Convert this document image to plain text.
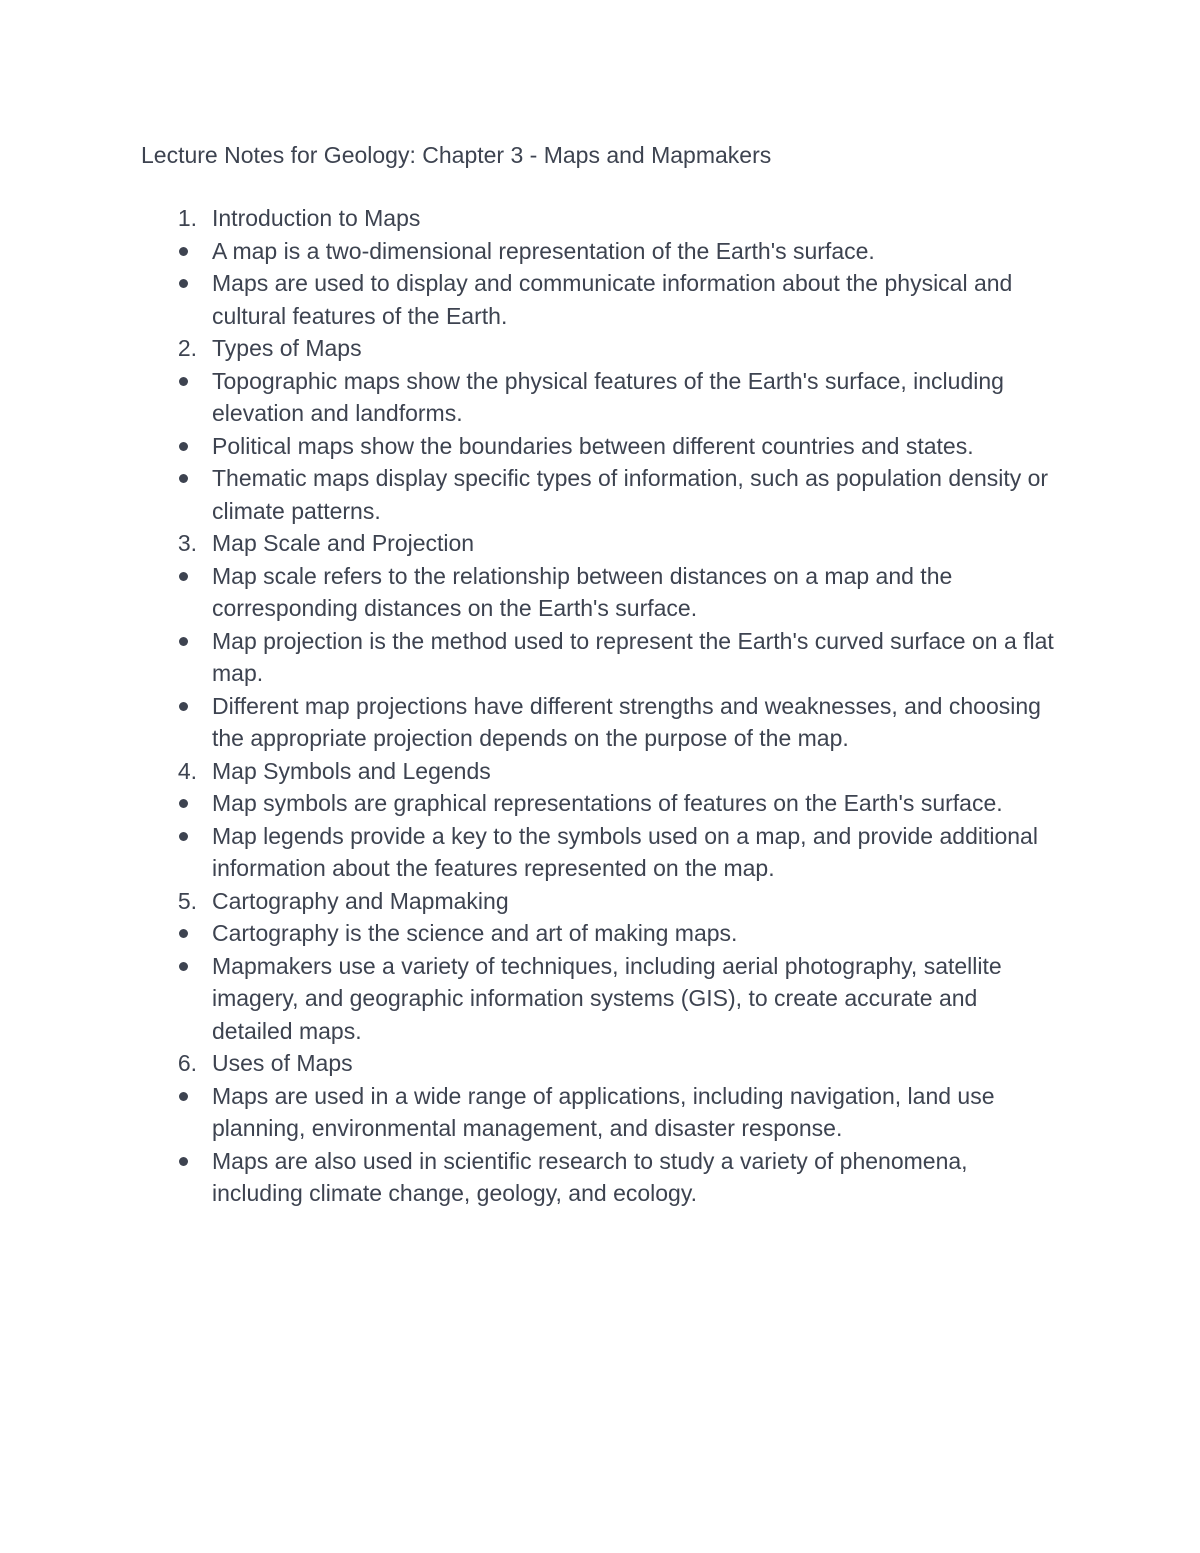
Lecture Notes for Geology: Chapter 3 - Maps and Mapmakers
1. Introduction to Maps
A map is a two-dimensional representation of the Earth's surface.
Maps are used to display and communicate information about the physical and cultural features of the Earth.
2. Types of Maps
Topographic maps show the physical features of the Earth's surface, including elevation and landforms.
Political maps show the boundaries between different countries and states.
Thematic maps display specific types of information, such as population density or climate patterns.
3. Map Scale and Projection
Map scale refers to the relationship between distances on a map and the corresponding distances on the Earth's surface.
Map projection is the method used to represent the Earth's curved surface on a flat map.
Different map projections have different strengths and weaknesses, and choosing the appropriate projection depends on the purpose of the map.
4. Map Symbols and Legends
Map symbols are graphical representations of features on the Earth's surface.
Map legends provide a key to the symbols used on a map, and provide additional information about the features represented on the map.
5. Cartography and Mapmaking
Cartography is the science and art of making maps.
Mapmakers use a variety of techniques, including aerial photography, satellite imagery, and geographic information systems (GIS), to create accurate and detailed maps.
6. Uses of Maps
Maps are used in a wide range of applications, including navigation, land use planning, environmental management, and disaster response.
Maps are also used in scientific research to study a variety of phenomena, including climate change, geology, and ecology.
